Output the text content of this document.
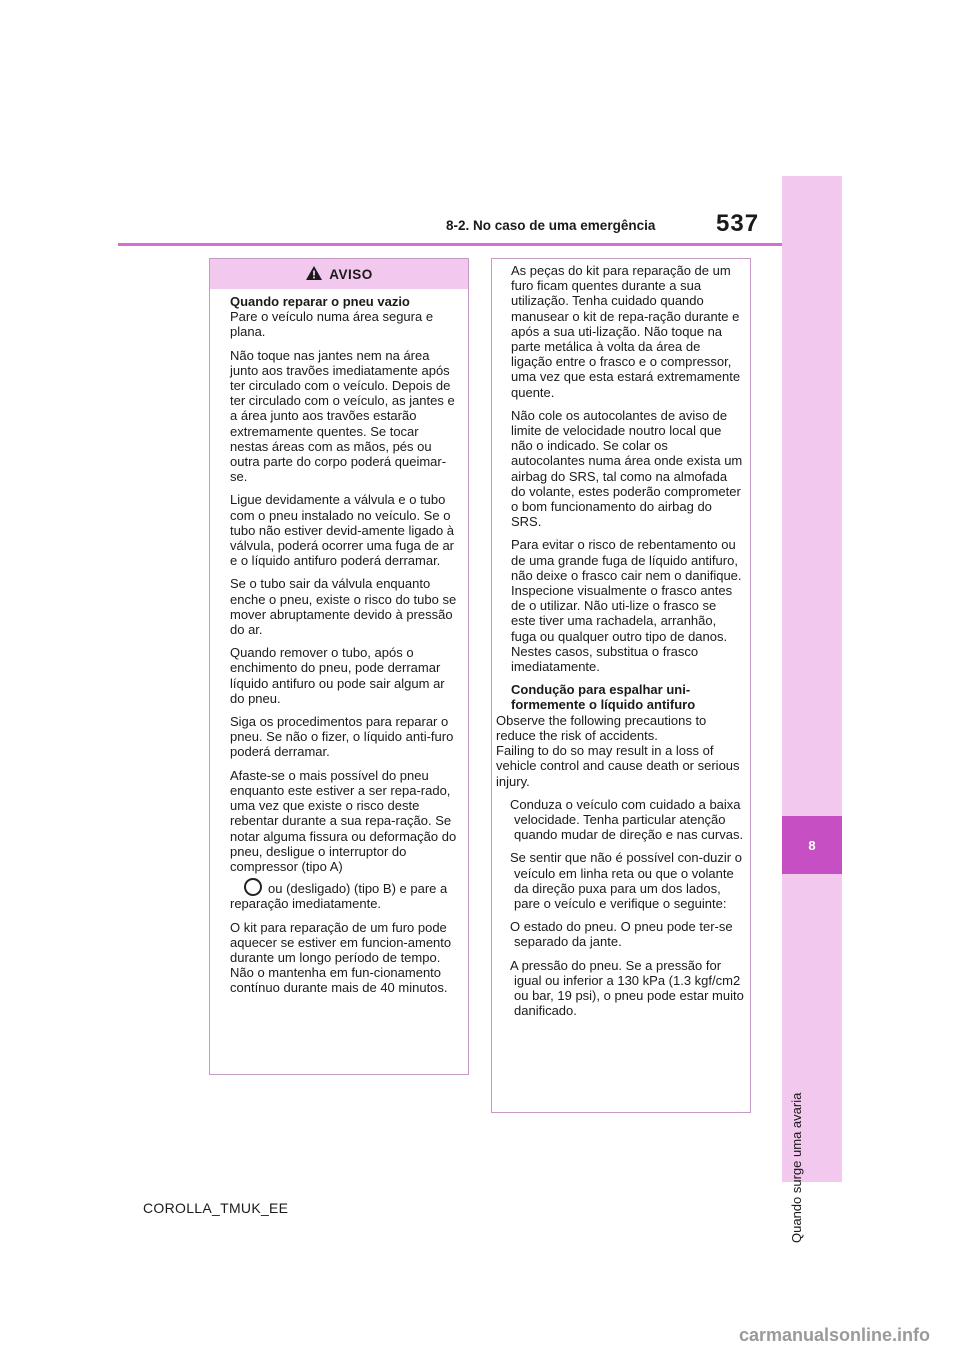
8-2. No caso de uma emergência	537
8
Quando surge uma avaria
AVISO

Quando reparar o pneu vazio
Pare o veículo numa área segura e plana.

Não toque nas jantes nem na área junto aos travões imediatamente após ter circulado com o veículo. Depois de ter circulado com o veículo, as jantes e a área junto aos travões estarão extremamente quentes. Se tocar nestas áreas com as mãos, pés ou outra parte do corpo poderá queimar-se.

Ligue devidamente a válvula e o tubo com o pneu instalado no veículo. Se o tubo não estiver devid-amente ligado à válvula, poderá ocorrer uma fuga de ar e o líquido antifuro poderá derramar.

Se o tubo sair da válvula enquanto enche o pneu, existe o risco do tubo se mover abruptamente devido à pressão do ar.

Quando remover o tubo, após o enchimento do pneu, pode derramar líquido antifuro ou pode sair algum ar do pneu.

Siga os procedimentos para reparar o pneu. Se não o fizer, o líquido anti-furo poderá derramar.

Afaste-se o mais possível do pneu enquanto este estiver a ser repa-rado, uma vez que existe o risco deste rebentar durante a sua repa-ração. Se notar alguma fissura ou deformação do pneu, desligue o interruptor do compressor (tipo A)

ou (desligado) (tipo B) e pare a

reparação imediatamente.

O kit para reparação de um furo pode aquecer se estiver em funcion-amento durante um longo período de tempo. Não o mantenha em fun-cionamento contínuo durante mais de 40 minutos.

As peças do kit para reparação de um furo ficam quentes durante a sua utilização. Tenha cuidado quando manusear o kit de repa-ração durante e após a sua uti-lização. Não toque na parte metálica à volta da área de ligação entre o frasco e o compressor, uma vez que esta estará extremamente quente.

Não cole os autocolantes de aviso de limite de velocidade noutro local que não o indicado. Se colar os autocolantes numa área onde exista um airbag do SRS, tal como na almofada do volante, estes poderão comprometer o bom funcionamento do airbag do SRS.

Para evitar o risco de rebentamento ou de uma grande fuga de líquido antifuro, não deixe o frasco cair nem o danifique. Inspecione visualmente o frasco antes de o utilizar. Não uti-lize o frasco se este tiver uma rachadela, arranhão, fuga ou qualquer outro tipo de danos. Nestes casos, substitua o frasco imediatamente.

Condução para espalhar uni-formemente o líquido antifuro

Observe the following precautions to reduce the risk of accidents.

Failing to do so may result in a loss of vehicle control and cause death or serious injury.

Conduza o veículo com cuidado a baixa velocidade. Tenha particular atenção quando mudar de direção e nas curvas.

Se sentir que não é possível con-duzir o veículo em linha reta ou que o volante da direção puxa para um dos lados, pare o veículo e verifique o seguinte:

O estado do pneu. O pneu pode ter-se separado da jante.

A pressão do pneu. Se a pressão for igual ou inferior a 130 kPa (1.3 kgf/cm2 ou bar, 19 psi), o pneu pode estar muito danificado.

COROLLA_TMUK_EE
carmanualsonline.info
